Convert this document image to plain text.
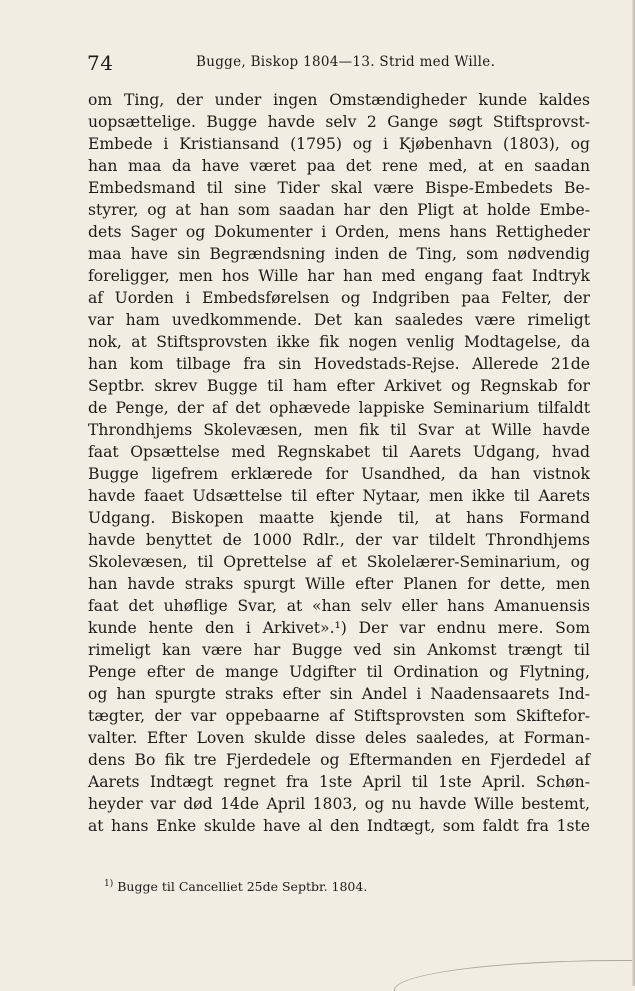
74	Bugge, Biskop 1804—13. Strid med Wille.
om Ting, der under ingen Omstændigheder kunde kaldes
uopsættelige. Bugge havde selv 2 Gange søgt Stiftsprovst-
Embede i Kristiansand (1795) og i Kjøbenhavn (1803), og
han maa da have været paa det rene med, at en saadan
Embedsmand til sine Tider skal være Bispe-Embedets Be-
styrer, og at han som saadan har den Pligt at holde Embe-
dets Sager og Dokumenter i Orden, mens hans Rettigheder
maa have sin Begrændsning inden de Ting, som nødvendig
foreligger, men hos Wille har han med engang faat Indtryk
af Uorden i Embedsførelsen og Indgriben paa Felter, der
var ham uvedkommende. Det kan saaledes være rimeligt
nok, at Stiftsprovsten ikke fik nogen venlig Modtagelse, da
han kom tilbage fra sin Hovedstads-Rejse. Allerede 21de
Septbr. skrev Bugge til ham efter Arkivet og Regnskab for
de Penge, der af det ophævede lappiske Seminarium tilfaldt
Throndhjems Skolevæsen, men fik til Svar at Wille havde
faat Opsættelse med Regnskabet til Aarets Udgang, hvad
Bugge ligefrem erklærede for Usandhed, da han vistnok
havde faaet Udsættelse til efter Nytaar, men ikke til Aarets
Udgang. Biskopen maatte kjende til, at hans Formand
havde benyttet de 1000 Rdlr., der var tildelt Throndhjems
Skolevæsen, til Oprettelse af et Skolelærer-Seminarium, og
han havde straks spurgt Wille efter Planen for dette, men
faat det uhøflige Svar, at «han selv eller hans Amanuensis
kunde hente den i Arkivet».¹) Der var endnu mere. Som
rimeligt kan være har Bugge ved sin Ankomst trængt til
Penge efter de mange Udgifter til Ordination og Flytning,
og han spurgte straks efter sin Andel i Naadensaarets Ind-
tægter, der var oppebaarne af Stiftsprovsten som Skiftefor-
valter. Efter Loven skulde disse deles saaledes, at Forman-
dens Bo fik tre Fjerdedele og Eftermanden en Fjerdedel af
Aarets Indtægt regnet fra 1ste April til 1ste April. Schøn-
heyder var død 14de April 1803, og nu havde Wille bestemt,
at hans Enke skulde have al den Indtægt, som faldt fra 1ste
$^{1)}$ Bugge til Cancelliet 25de Septbr. 1804.
